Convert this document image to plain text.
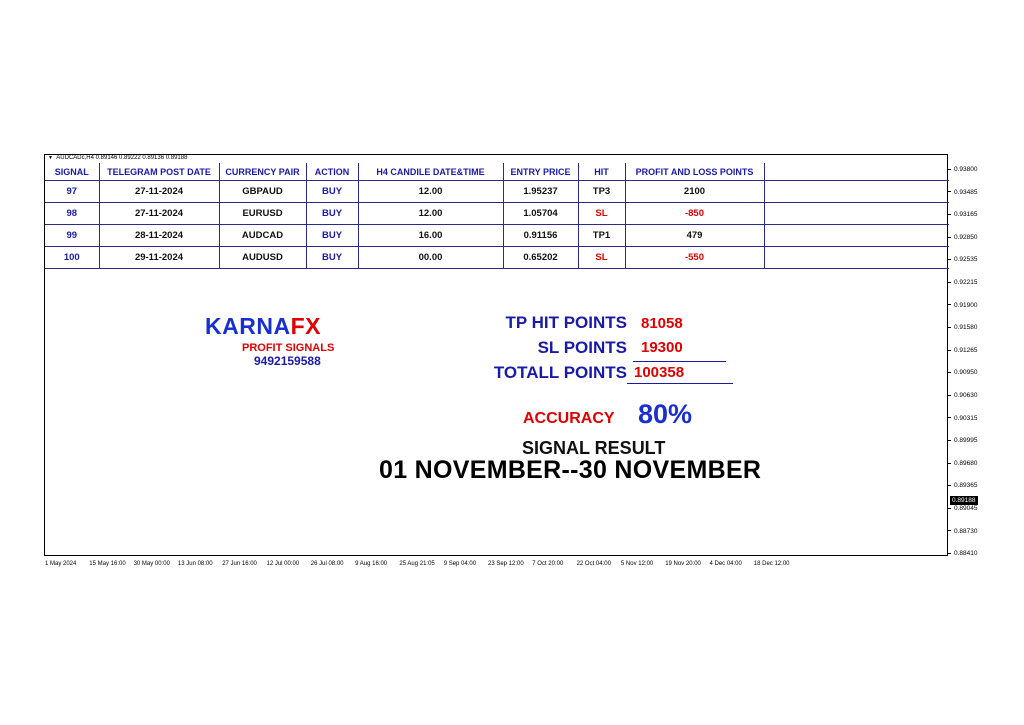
▼ AUDCADc,H4 0.89146 0.89222 0.89136 0.89188
SIGNAL	TELEGRAM POST DATE	CURRENCY PAIR	ACTION	H4 CANDILE DATE&TIME	ENTRY PRICE	HIT	PROFIT AND LOSS POINTS	
97	27-11-2024	GBPAUD	BUY	12.00	1.95237	TP3	2100	
98	27-11-2024	EURUSD	BUY	12.00	1.05704	SL	-850	
99	28-11-2024	AUDCAD	BUY	16.00	0.91156	TP1	479	
100	29-11-2024	AUDUSD	BUY	00.00	0.65202	SL	-550	
KARNAFX
PROFIT SIGNALS
9492159588
TP HIT POINTS 81058
SL POINTS 19300
TOTALL POINTS 100358
ACCURACY 80%
SIGNAL RESULT
01 NOVEMBER--30 NOVEMBER
0.93800
0.93485
0.93165
0.92850
0.92535
0.92215
0.91900
0.91580
0.91265
0.90950
0.90630
0.90315
0.89995
0.89680
0.89365
0.89045
0.88730
0.88410
0.89188
1 May 2024 15 May 16:00 30 May 00:00 13 Jun 08:00 27 Jun 16:00 12 Jul 00:00 26 Jul 08:00 9 Aug 16:00 25 Aug 21:05 9 Sep 04:00 23 Sep 12:00 7 Oct 20:00 22 Oct 04:00 5 Nov 12:00 19 Nov 20:00 4 Dec 04:00 18 Dec 12:00
